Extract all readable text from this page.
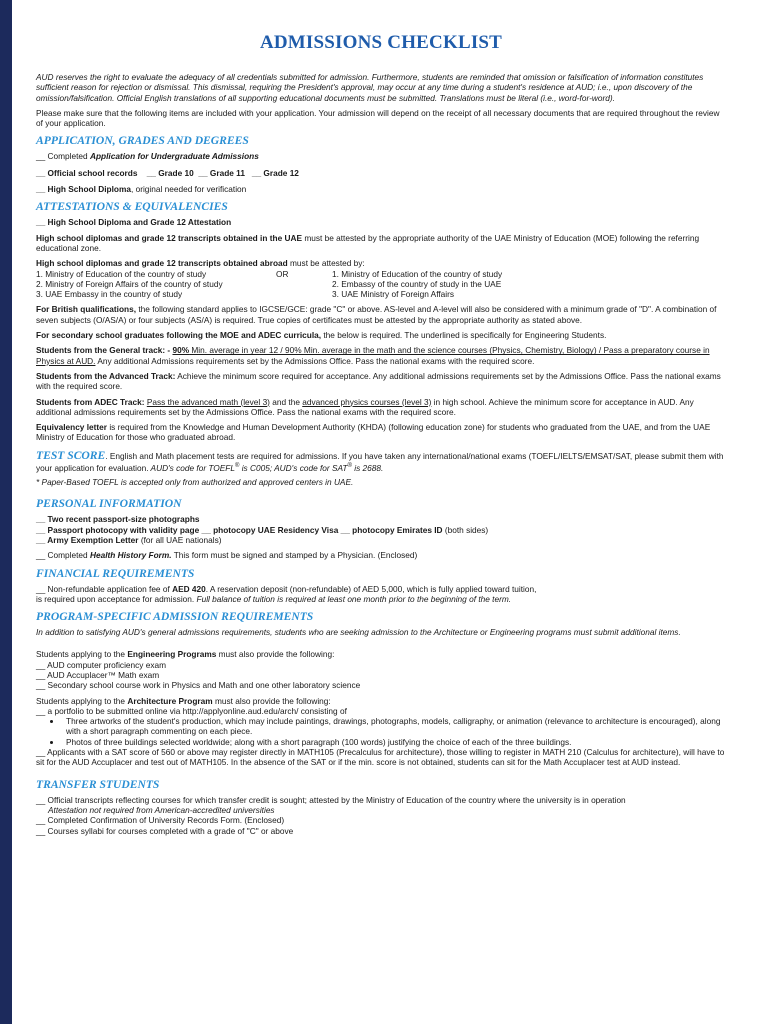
ADMISSIONS CHECKLIST

AUD reserves the right to evaluate the adequacy of all credentials submitted for admission. Furthermore, students are reminded that omission or falsification of information constitutes sufficient reason for rejection or dismissal. This dismissal, requiring the President's approval, may occur at any time during a student's residence at AUD; i.e., upon discovery of the omission/falsification. Official English translations of all supporting educational documents must be submitted. Translations must be literal (i.e., word-for-word).

Please make sure that the following items are included with your application. Your admission will depend on the receipt of all necessary documents that are required throughout the review of your application.

APPLICATION, GRADES AND DEGREES

__ Completed Application for Undergraduate Admissions

__ Official school records __ Grade 10 __ Grade 11 __ Grade 12

__ High School Diploma, original needed for verification

ATTESTATIONS & EQUIVALENCIES

__ High School Diploma and Grade 12 Attestation

High school diplomas and grade 12 transcripts obtained in the UAE must be attested by the appropriate authority of the UAE Ministry of Education (MOE) following the referring educational zone.

High school diplomas and grade 12 transcripts obtained abroad must be attested by:

1. Ministry of Education of the country of study
2. Ministry of Foreign Affairs of the country of study
3. UAE Embassy in the country of study
OR	1. Ministry of Education of the country of study
2. Embassy of the country of study in the UAE
3. UAE Ministry of Foreign Affairs

For British qualifications, the following standard applies to IGCSE/GCE: grade "C" or above. AS-level and A-level will also be considered with a minimum grade of "D". A combination of seven subjects (O/AS/A) or four subjects (AS/A) is required. True copies of certificates must be attested by the appropriate authority as stated above.

For secondary school graduates following the MOE and ADEC curricula, the below is required. The underlined is specifically for Engineering Students.

Students from the General track: - 90% Min. average in year 12 / 90% Min. average in the math and the science courses (Physics, Chemistry, Biology) / Pass a preparatory course in Physics at AUD. Any additional Admissions requirements set by the Admissions Office. Pass the national exams with the required score.

Students from the Advanced Track: Achieve the minimum score required for acceptance. Any additional admissions requirements set by the Admissions Office. Pass the national exams with the required score.

Students from ADEC Track: Pass the advanced math (level 3) and the advanced physics courses (level 3) in high school. Achieve the minimum score for acceptance in AUD. Any additional admissions requirements set by the Admissions Office. Pass the national exams with the required score.

Equivalency letter is required from the Knowledge and Human Development Authority (KHDA) (following education zone) for students who graduated from the UAE, and from the UAE Ministry of Education for those who graduated abroad.

TEST SCORE. English and Math placement tests are required for admissions. If you have taken any international/national exams (TOEFL/IELTS/EMSAT/SAT, please submit them with your application for evaluation. AUD's code for TOEFL® is C005; AUD's code for SAT® is 2688.

* Paper-Based TOEFL is accepted only from authorized and approved centers in UAE.

PERSONAL INFORMATION

__ Two recent passport-size photographs

__ Passport photocopy with validity page __ photocopy UAE Residency Visa __ photocopy Emirates ID (both sides)

__ Army Exemption Letter (for all UAE nationals)

__ Completed Health History Form. This form must be signed and stamped by a Physician. (Enclosed)

FINANCIAL REQUIREMENTS

__ Non-refundable application fee of AED 420. A reservation deposit (non-refundable) of AED 5,000, which is fully applied toward tuition,

is required upon acceptance for admission. Full balance of tuition is required at least one month prior to the beginning of the term.

PROGRAM-SPECIFIC ADMISSION REQUIREMENTS

In addition to satisfying AUD's general admissions requirements, students who are seeking admission to the Architecture or Engineering programs must submit additional items.

Students applying to the Engineering Programs must also provide the following:

__ AUD computer proficiency exam

__ AUD Accuplacer™ Math exam

__ Secondary school course work in Physics and Math and one other laboratory science

Students applying to the Architecture Program must also provide the following:

__ a portfolio to be submitted online via http://applyonline.aud.edu/arch/ consisting of

• Three artworks of the student's production, which may include paintings, drawings, photographs, models, calligraphy, or animation (relevance to architecture is encouraged), along with a short paragraph commenting on each piece.
• Photos of three buildings selected worldwide; along with a short paragraph (100 words) justifying the choice of each of the three buildings.

__ Applicants with a SAT score of 560 or above may register directly in MATH105 (Precalculus for architecture), those willing to register in MATH 210 (Calculus for architecture), will have to sit for the AUD Accuplacer and test out of MATH105. In the absence of the SAT or if the min. score is not obtained, students can sit for the Math Accuplacer test at AUD instead.

TRANSFER STUDENTS

__ Official transcripts reflecting courses for which transfer credit is sought; attested by the Ministry of Education of the country where the university is in operation

Attestation not required from American-accredited universities

__ Completed Confirmation of University Records Form. (Enclosed)

__ Courses syllabi for courses completed with a grade of "C" or above
